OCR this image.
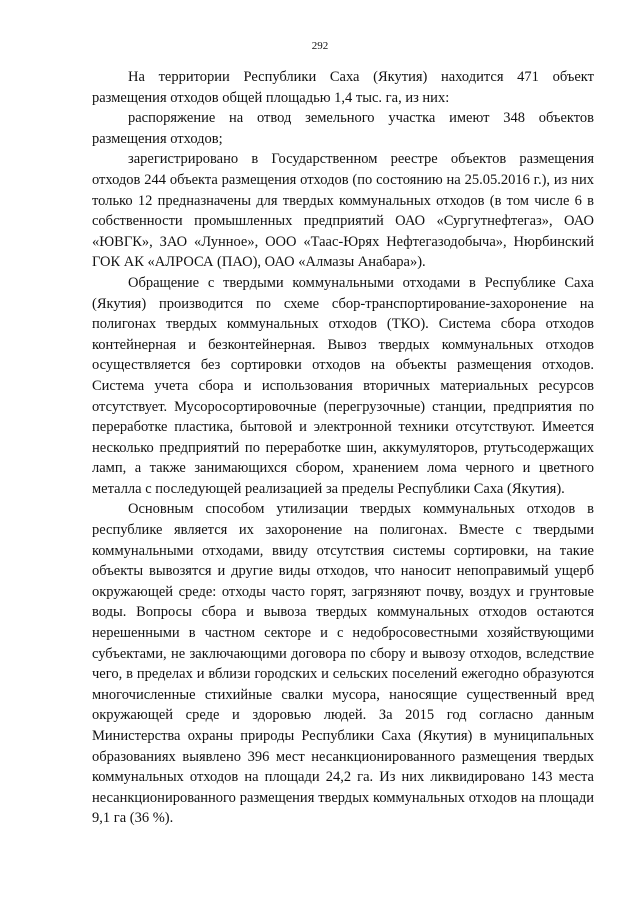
292

На территории Республики Саха (Якутия) находится 471 объект размещения отходов общей площадью 1,4 тыс. га, из них:

распоряжение на отвод земельного участка имеют 348 объектов размещения отходов;

зарегистрировано в Государственном реестре объектов размещения отходов 244 объекта размещения отходов (по состоянию на 25.05.2016 г.), из них только 12 предназначены для твердых коммунальных отходов (в том числе 6 в собственности промышленных предприятий ОАО «Сургутнефтегаз», ОАО «ЮВГК», ЗАО «Лунное», ООО «Таас-Юрях Нефтегазодобыча», Нюрбинский ГОК АК «АЛРОСА (ПАО), ОАО «Алмазы Анабара»).

Обращение с твердыми коммунальными отходами в Республике Саха (Якутия) производится по схеме сбор-транспортирование-захоронение на полигонах твердых коммунальных отходов (ТКО). Система сбора отходов контейнерная и безконтейнерная. Вывоз твердых коммунальных отходов осуществляется без сортировки отходов на объекты размещения отходов. Система учета сбора и использования вторичных материальных ресурсов отсутствует. Мусоросортировочные (перегрузочные) станции, предприятия по переработке пластика, бытовой и электронной техники отсутствуют. Имеется несколько предприятий по переработке шин, аккумуляторов, ртутьсодержащих ламп, а также занимающихся сбором, хранением лома черного и цветного металла с последующей реализацией за пределы Республики Саха (Якутия).

Основным способом утилизации твердых коммунальных отходов в республике является их захоронение на полигонах. Вместе с твердыми коммунальными отходами, ввиду отсутствия системы сортировки, на такие объекты вывозятся и другие виды отходов, что наносит непоправимый ущерб окружающей среде: отходы часто горят, загрязняют почву, воздух и грунтовые воды. Вопросы сбора и вывоза твердых коммунальных отходов остаются нерешенными в частном секторе и с недобросовестными хозяйствующими субъектами, не заключающими договора по сбору и вывозу отходов, вследствие чего, в пределах и вблизи городских и сельских поселений ежегодно образуются многочисленные стихийные свалки мусора, наносящие существенный вред окружающей среде и здоровью людей. За 2015 год согласно данным Министерства охраны природы Республики Саха (Якутия) в муниципальных образованиях выявлено 396 мест несанкционированного размещения твердых коммунальных отходов на площади 24,2 га. Из них ликвидировано 143 места несанкционированного размещения твердых коммунальных отходов на площади 9,1 га (36 %).
